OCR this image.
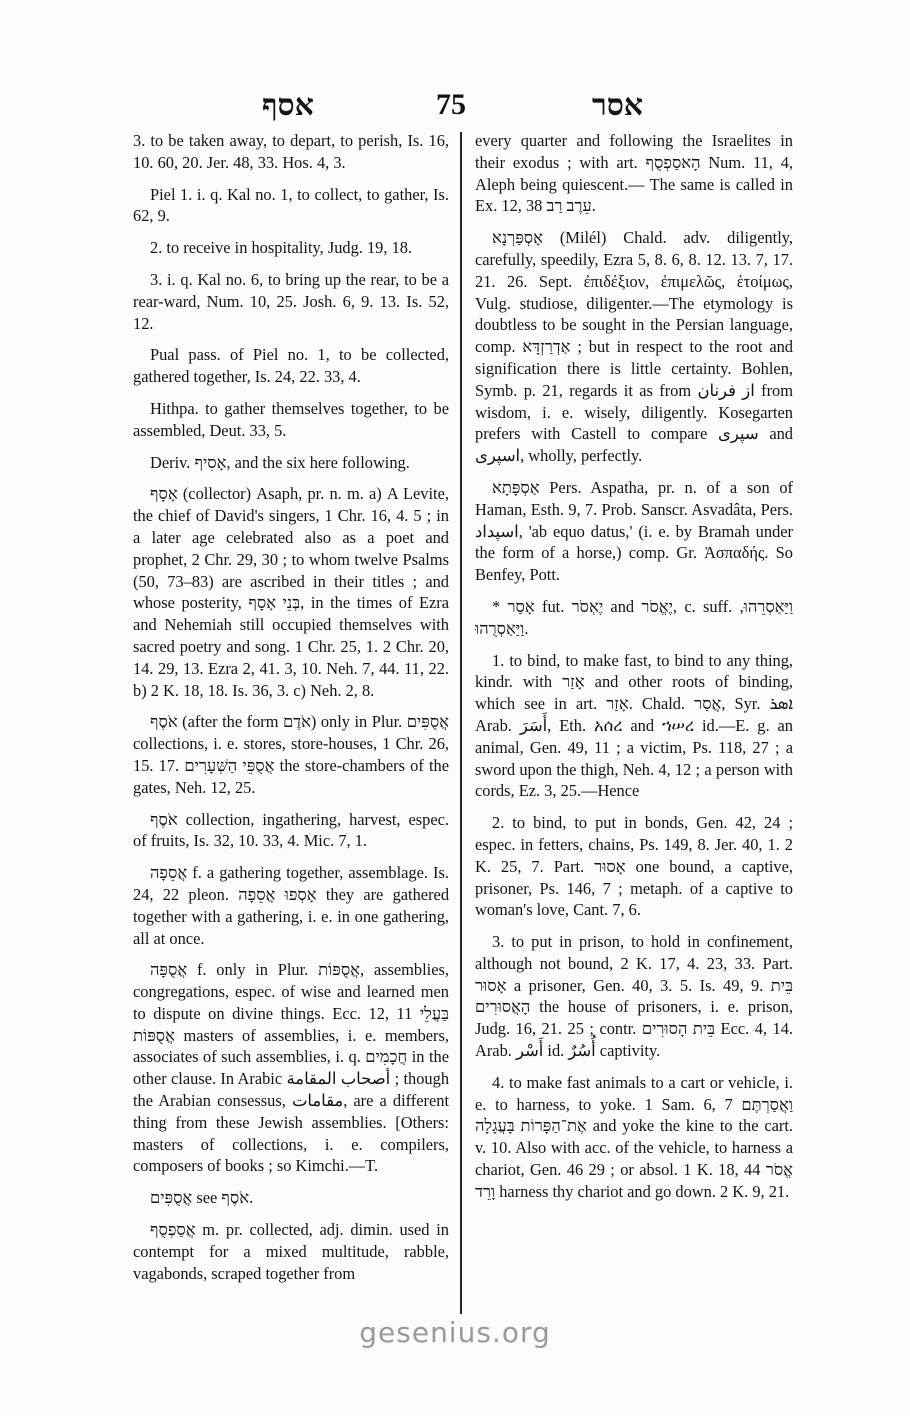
אסף	75	אסר

3. to be taken away, to depart, to perish, Is. 16, 10. 60, 20. Jer. 48, 33. Hos. 4, 3.

Piel 1. i. q. Kal no. 1, to collect, to gather, Is. 62, 9.

2. to receive in hospitality, Judg. 19, 18.

3. i. q. Kal no. 6, to bring up the rear, to be a rear-ward, Num. 10, 25. Josh. 6, 9. 13. Is. 52, 12.

Pual pass. of Piel no. 1, to be collected, gathered together, Is. 24, 22. 33, 4.

Hithpa. to gather themselves together, to be assembled, Deut. 33, 5.

Deriv. אָסִיף, and the six here following.

אָסָף (collector) Asaph, pr. n. m. a) A Levite, the chief of David's singers, 1 Chr. 16, 4. 5 ; in a later age celebrated also as a poet and prophet, 2 Chr. 29, 30 ; to whom twelve Psalms (50, 73–83) are ascribed in their titles ; and whose posterity, בְּנֵי אָסָף, in the times of Ezra and Nehemiah still occupied themselves with sacred poetry and song. 1 Chr. 25, 1. 2 Chr. 20, 14. 29, 13. Ezra 2, 41. 3, 10. Neh. 7, 44. 11, 22. b) 2 K. 18, 18. Is. 36, 3. c) Neh. 2, 8.

אֹסֶף (after the form אֹדֶם) only in Plur. אֲסֻפִּים collections, i. e. stores, store-houses, 1 Chr. 26, 15. 17. אֲסֻפֵּי הַשְּׁעָרִים the store-chambers of the gates, Neh. 12, 25.

אֹסֶף collection, ingathering, harvest, espec. of fruits, Is. 32, 10. 33, 4. Mic. 7, 1.

אֲסֵפָה f. a gathering together, assemblage. Is. 24, 22 pleon. אָסְפוּ אֲסֵפָה they are gathered together with a gathering, i. e. in one gathering, all at once.

אֲסֻפָּה f. only in Plur. אֲסֻפּוֹת, assemblies, congregations, espec. of wise and learned men to dispute on divine things. Ecc. 12, 11 בַּעֲלֵי אֲסֻפּוֹת masters of assemblies, i. e. members, associates of such assemblies, i. q. חֲכָמִים in the other clause. In Arabic أصحاب المقامة ; though the Arabian consessus, مقامات, are a different thing from these Jewish assemblies. [Others: masters of collections, i. e. compilers, composers of books ; so Kimchi.—T.

אֲסֻפִּים see אֹסֶף.

אֲסַפְסֻף m. pr. collected, adj. dimin. used in contempt for a mixed multitude, rabble, vagabonds, scraped together from

every quarter and following the Israelites in their exodus ; with art. הָאסַפְסֻף Num. 11, 4, Aleph being quiescent.— The same is called in Ex. 12, 38 עֵרֶב רַב.

אָסְפַּרְנָא (Milél) Chald. adv. diligently, carefully, speedily, Ezra 5, 8. 6, 8. 12. 13. 7, 17. 21. 26. Sept. ἐπιδέξιον, ἐπιμελῶς, ἑτοίμως, Vulg. studiose, diligenter.—The etymology is doubtless to be sought in the Persian language, comp. אַדְרַזְדָּא ; but in respect to the root and signification there is little certainty. Bohlen, Symb. p. 21, regards it as from از فرنان from wisdom, i. e. wisely, diligently. Kosegarten prefers with Castell to compare سپری and اسپری, wholly, perfectly.

אַסְפָּתָא Pers. Aspatha, pr. n. of a son of Haman, Esth. 9, 7. Prob. Sanscr. Asvadâta, Pers. اسپداد, 'ab equo datus,' (i. e. by Bramah under the form of a horse,) comp. Gr. Ἀσπαδής. So Benfey, Pott.

* אָסַר fut. יֶאְסֹר and יֶאֱסֹר, c. suff. וַיַּאַסְרֵהוּ, וַיַּאַסְרֻהוּ.

1. to bind, to make fast, to bind to any thing, kindr. with אָזַר and other roots of binding, which see in art. אָזַר. Chald. אֲסַר, Syr. ܐܣܪ Arab. أَسَرَ, Eth. አሰረ and ኀሠረ id.—E. g. an animal, Gen. 49, 11 ; a victim, Ps. 118, 27 ; a sword upon the thigh, Neh. 4, 12 ; a person with cords, Ez. 3, 25.—Hence

2. to bind, to put in bonds, Gen. 42, 24 ; espec. in fetters, chains, Ps. 149, 8. Jer. 40, 1. 2 K. 25, 7. Part. אָסוּר one bound, a captive, prisoner, Ps. 146, 7 ; metaph. of a captive to woman's love, Cant. 7, 6.

3. to put in prison, to hold in confinement, although not bound, 2 K. 17, 4. 23, 33. Part. אָסוּר a prisoner, Gen. 40, 3. 5. Is. 49, 9. בֵּית הָאֲסוּרִים the house of prisoners, i. e. prison, Judg. 16, 21. 25 ; contr. בֵּית הָסוּרִים Ecc. 4, 14. Arab. أَسْر id. أُسُرٌ captivity.

4. to make fast animals to a cart or vehicle, i. e. to harness, to yoke. 1 Sam. 6, 7 וַאֲסַרְתֶּם אֶת־הַפָּרוֹת בָּעֲגָלָה and yoke the kine to the cart. v. 10. Also with acc. of the vehicle, to harness a chariot, Gen. 46 29 ; or absol. 1 K. 18, 44 אֱסֹר וָרֵד harness thy chariot and go down. 2 K. 9, 21.

gesenius.org
